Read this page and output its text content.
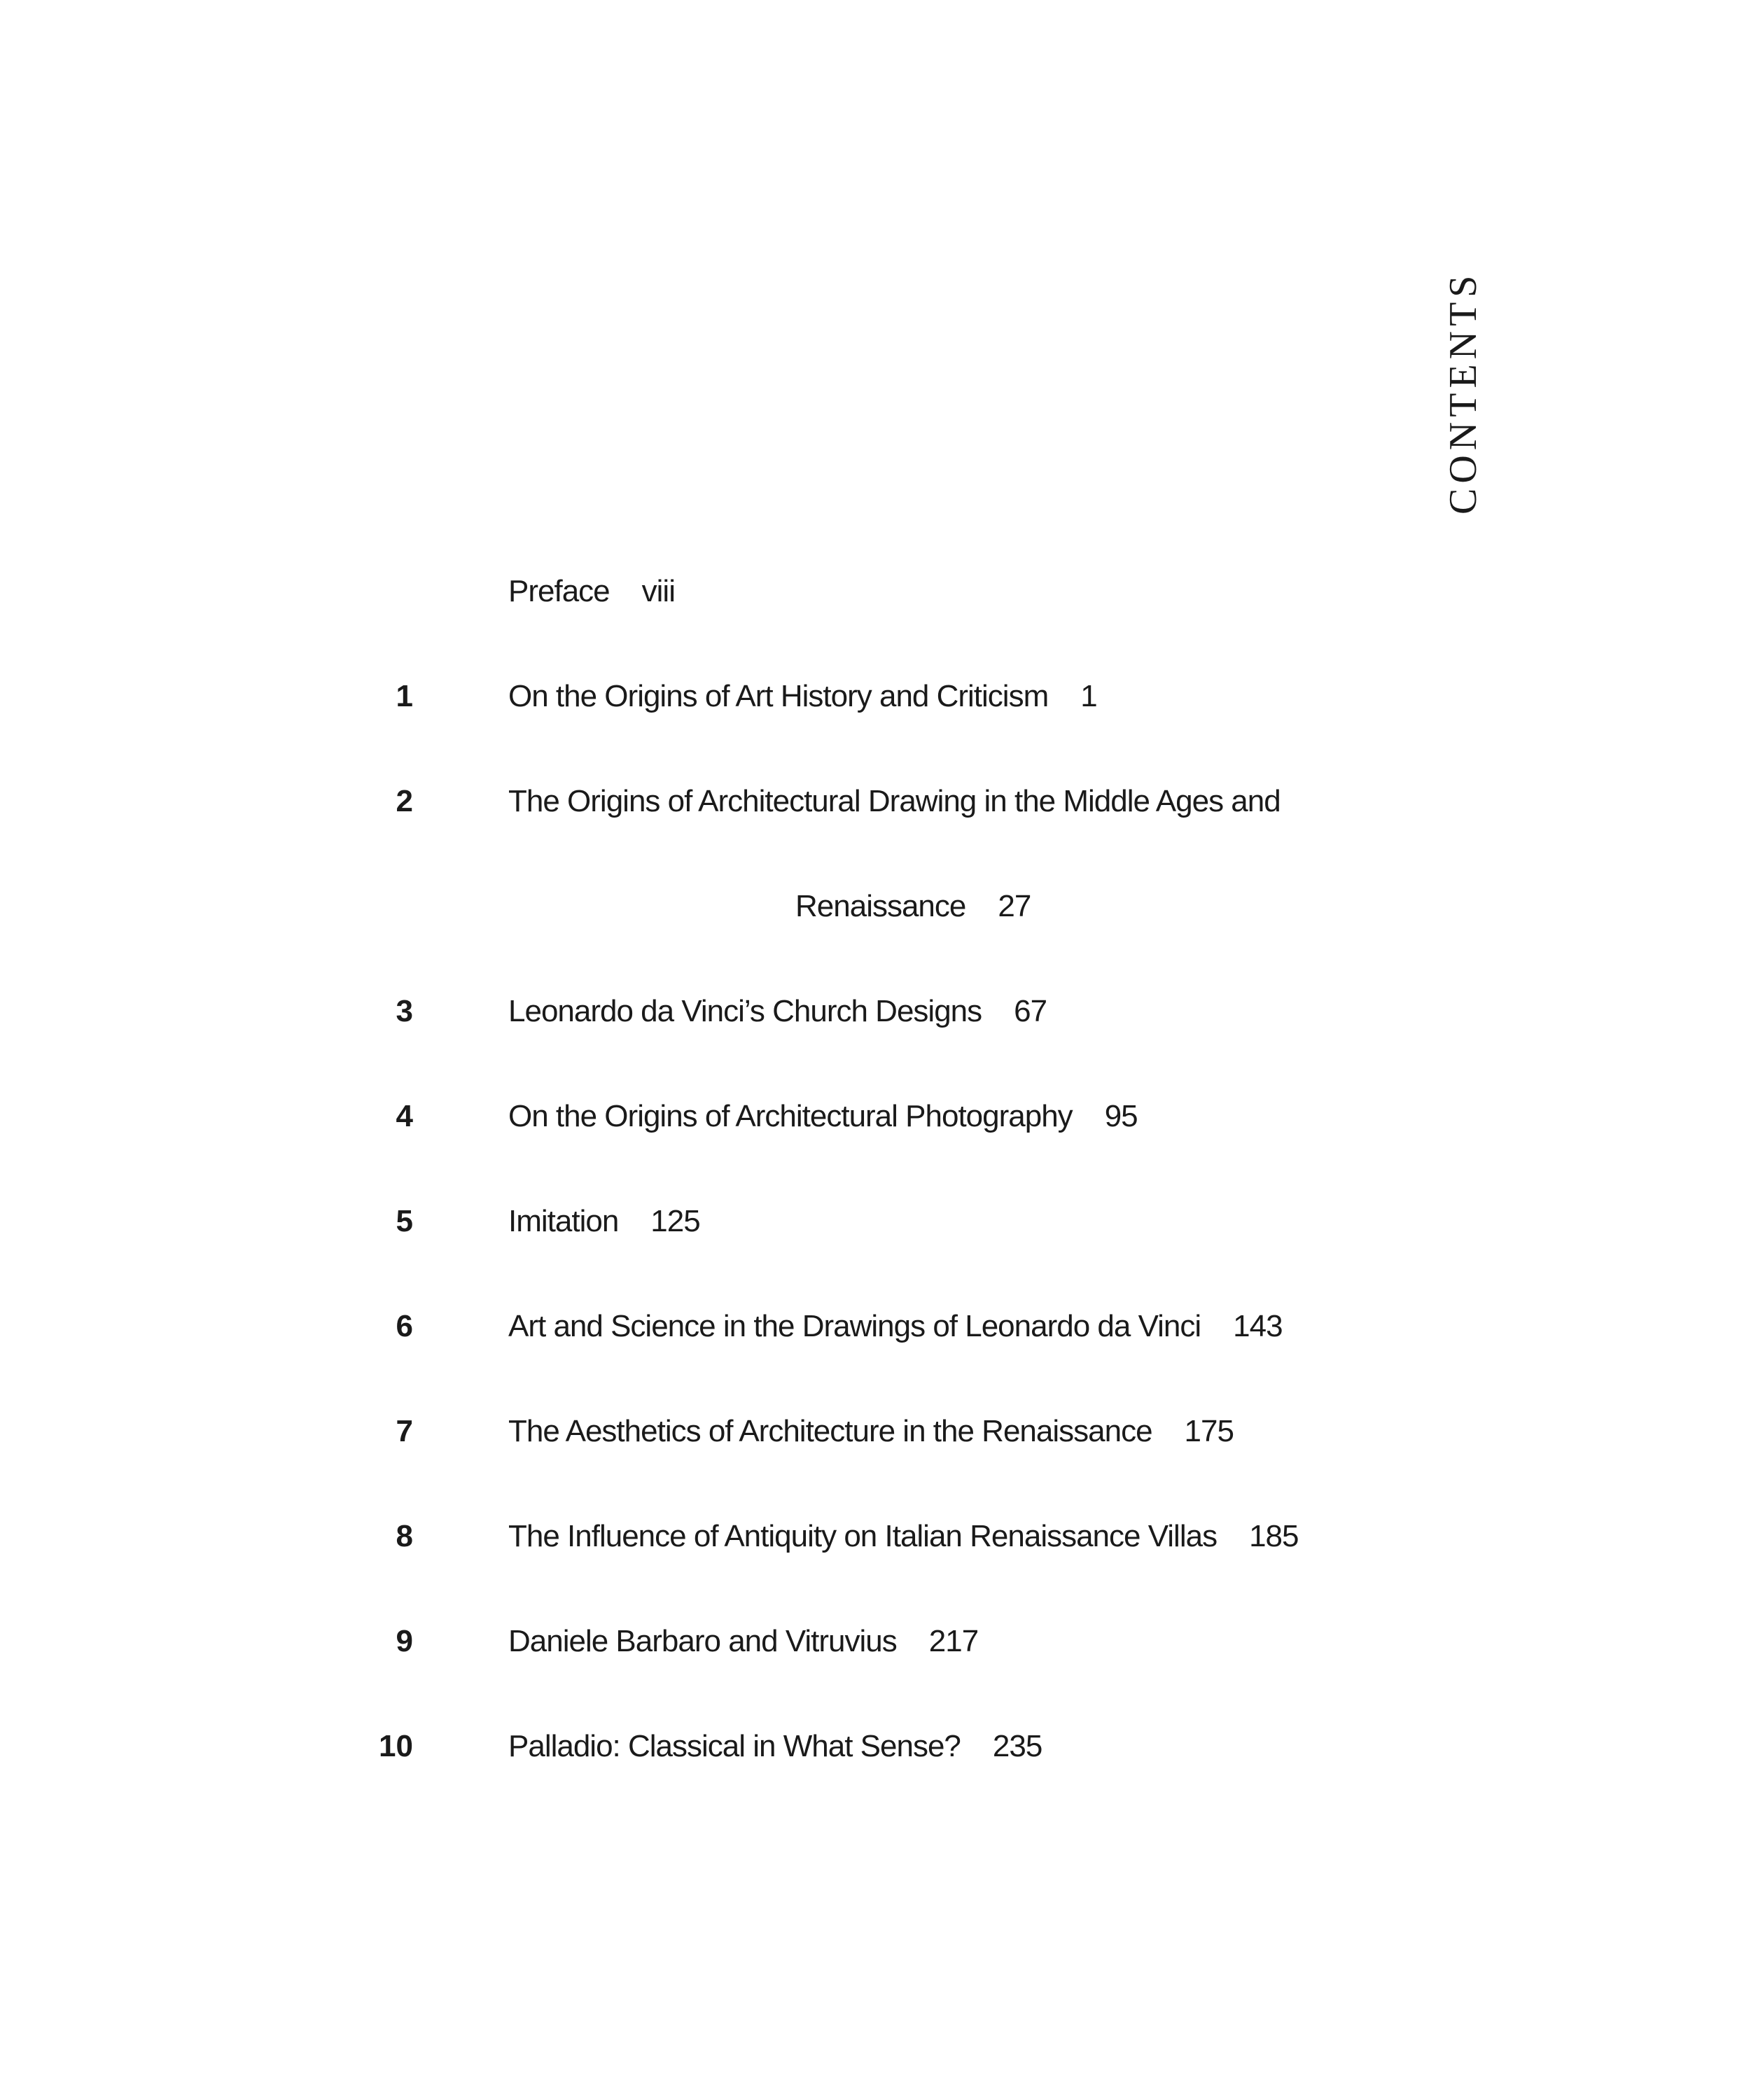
CONTENTS
Preface viii
1	On the Origins of Art History and Criticism 1
2	The Origins of Architectural Drawing in the Middle Ages and
Renaissance 27
3	Leonardo da Vinci’s Church Designs 67
4	On the Origins of Architectural Photography 95
5	Imitation 125
6	Art and Science in the Drawings of Leonardo da Vinci 143
7	The Aesthetics of Architecture in the Renaissance 175
8	The Influence of Antiquity on Italian Renaissance Villas 185
9	Daniele Barbaro and Vitruvius 217
10	Palladio: Classical in What Sense? 235
